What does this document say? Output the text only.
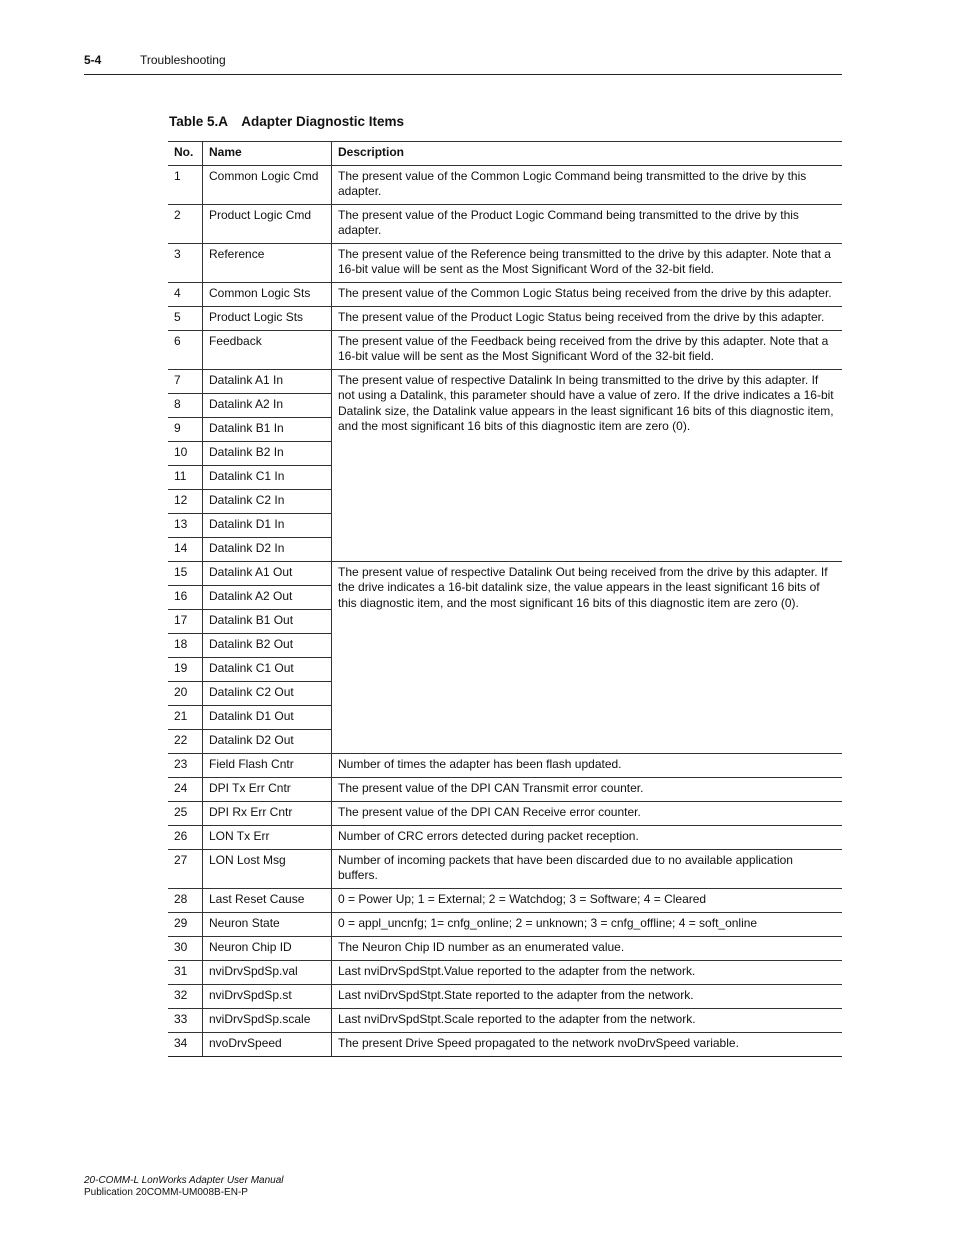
5-4	Troubleshooting
Table 5.A Adapter Diagnostic Items
No.	Name	Description
1	Common Logic Cmd	The present value of the Common Logic Command being transmitted to the drive by this adapter.
2	Product Logic Cmd	The present value of the Product Logic Command being transmitted to the drive by this adapter.
3	Reference	The present value of the Reference being transmitted to the drive by this adapter. Note that a 16-bit value will be sent as the Most Significant Word of the 32-bit field.
4	Common Logic Sts	The present value of the Common Logic Status being received from the drive by this adapter.
5	Product Logic Sts	The present value of the Product Logic Status being received from the drive by this adapter.
6	Feedback	The present value of the Feedback being received from the drive by this adapter. Note that a 16-bit value will be sent as the Most Significant Word of the 32-bit field.
7	Datalink A1 In	The present value of respective Datalink In being transmitted to the drive by this adapter. If not using a Datalink, this parameter should have a value of zero. If the drive indicates a 16-bit Datalink size, the Datalink value appears in the least significant 16 bits of this diagnostic item, and the most significant 16 bits of this diagnostic item are zero (0).
8	Datalink A2 In	
9	Datalink B1 In	
10	Datalink B2 In	
11	Datalink C1 In	
12	Datalink C2 In	
13	Datalink D1 In	
14	Datalink D2 In	
15	Datalink A1 Out	The present value of respective Datalink Out being received from the drive by this adapter. If the drive indicates a 16-bit datalink size, the value appears in the least significant 16 bits of this diagnostic item, and the most significant 16 bits of this diagnostic item are zero (0).
16	Datalink A2 Out	
17	Datalink B1 Out	
18	Datalink B2 Out	
19	Datalink C1 Out	
20	Datalink C2 Out	
21	Datalink D1 Out	
22	Datalink D2 Out	
23	Field Flash Cntr	Number of times the adapter has been flash updated.
24	DPI Tx Err Cntr	The present value of the DPI CAN Transmit error counter.
25	DPI Rx Err Cntr	The present value of the DPI CAN Receive error counter.
26	LON Tx Err	Number of CRC errors detected during packet reception.
27	LON Lost Msg	Number of incoming packets that have been discarded due to no available application buffers.
28	Last Reset Cause	0 = Power Up; 1 = External; 2 = Watchdog; 3 = Software; 4 = Cleared
29	Neuron State	0 = appl_uncnfg; 1= cnfg_online; 2 = unknown; 3 = cnfg_offline; 4 = soft_online
30	Neuron Chip ID	The Neuron Chip ID number as an enumerated value.
31	nviDrvSpdSp.val	Last nviDrvSpdStpt.Value reported to the adapter from the network.
32	nviDrvSpdSp.st	Last nviDrvSpdStpt.State reported to the adapter from the network.
33	nviDrvSpdSp.scale	Last nviDrvSpdStpt.Scale reported to the adapter from the network.
34	nvoDrvSpeed	The present Drive Speed propagated to the network nvoDrvSpeed variable.
20-COMM-L LonWorks Adapter User Manual
Publication 20COMM-UM008B-EN-P
